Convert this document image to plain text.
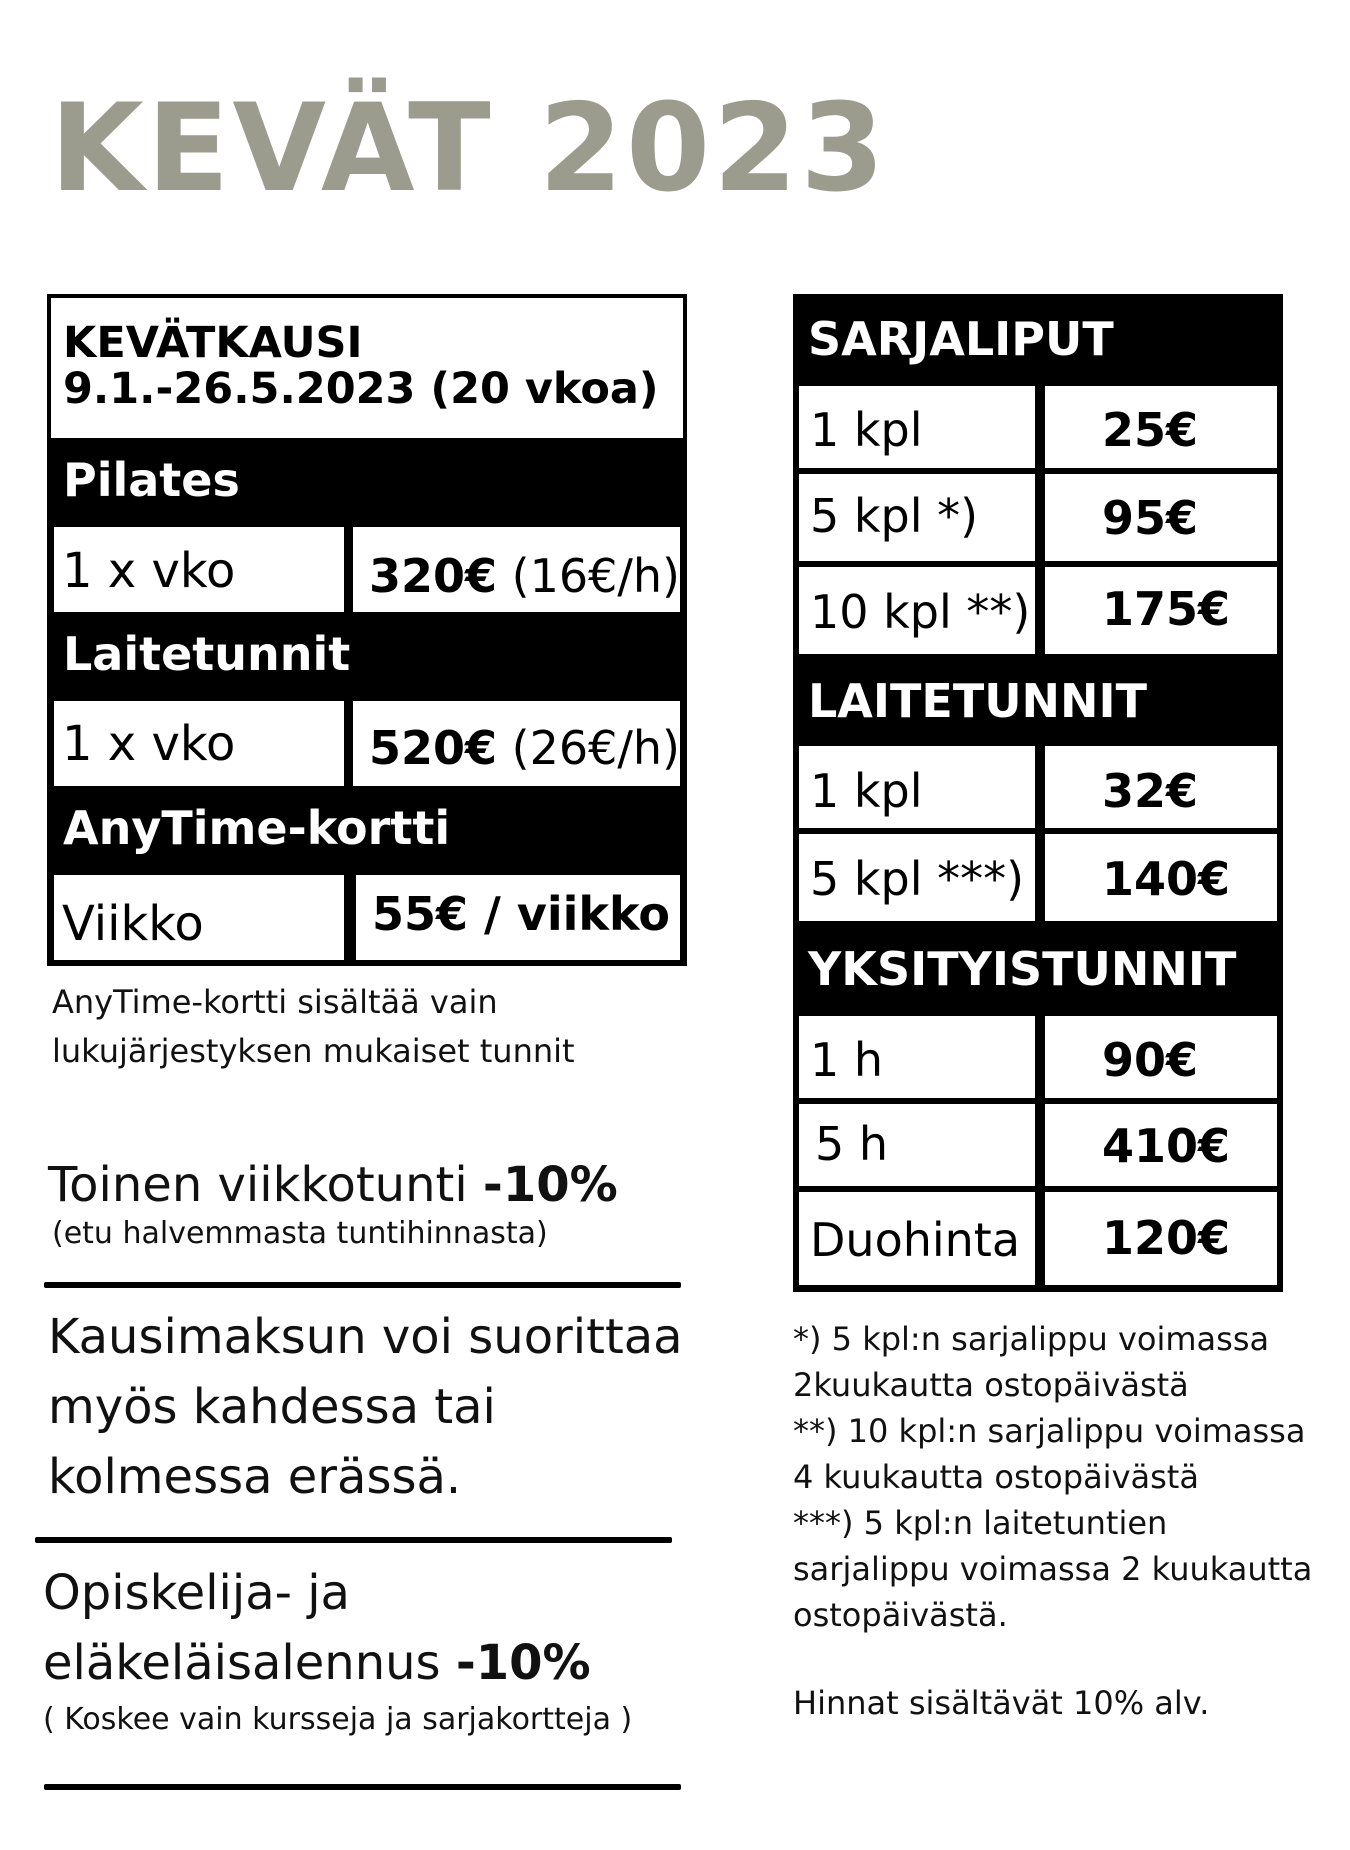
KEVÄT 2023
KEVÄTKAUSI
9.1.-26.5.2023 (20 vkoa)
Pilates
1 x vko	320€ (16€/h)
Laitetunnit
1 x vko	520€ (26€/h)
AnyTime-kortti
Viikko	55€ / viikko
AnyTime-kortti sisältää vain
lukujärjestyksen mukaiset tunnit
Toinen viikkotunti -10%
(etu halvemmasta tuntihinnasta)
Kausimaksun voi suorittaa
myös kahdessa tai
kolmessa erässä.
Opiskelija- ja
eläkeläisalennus -10%
( Koskee vain kursseja ja sarjakortteja )
SARJALIPUT
1 kpl	25€
5 kpl *)	95€
10 kpl **)	175€
LAITETUNNIT
1 kpl	32€
5 kpl ***)	140€
YKSITYISTUNNIT
1 h	90€
5 h	410€
Duohinta	120€
*) 5 kpl:n sarjalippu voimassa
2kuukautta ostopäivästä
**) 10 kpl:n sarjalippu voimassa
4 kuukautta ostopäivästä
***) 5 kpl:n laitetuntien
sarjalippu voimassa 2 kuukautta
ostopäivästä.
Hinnat sisältävät 10% alv.
